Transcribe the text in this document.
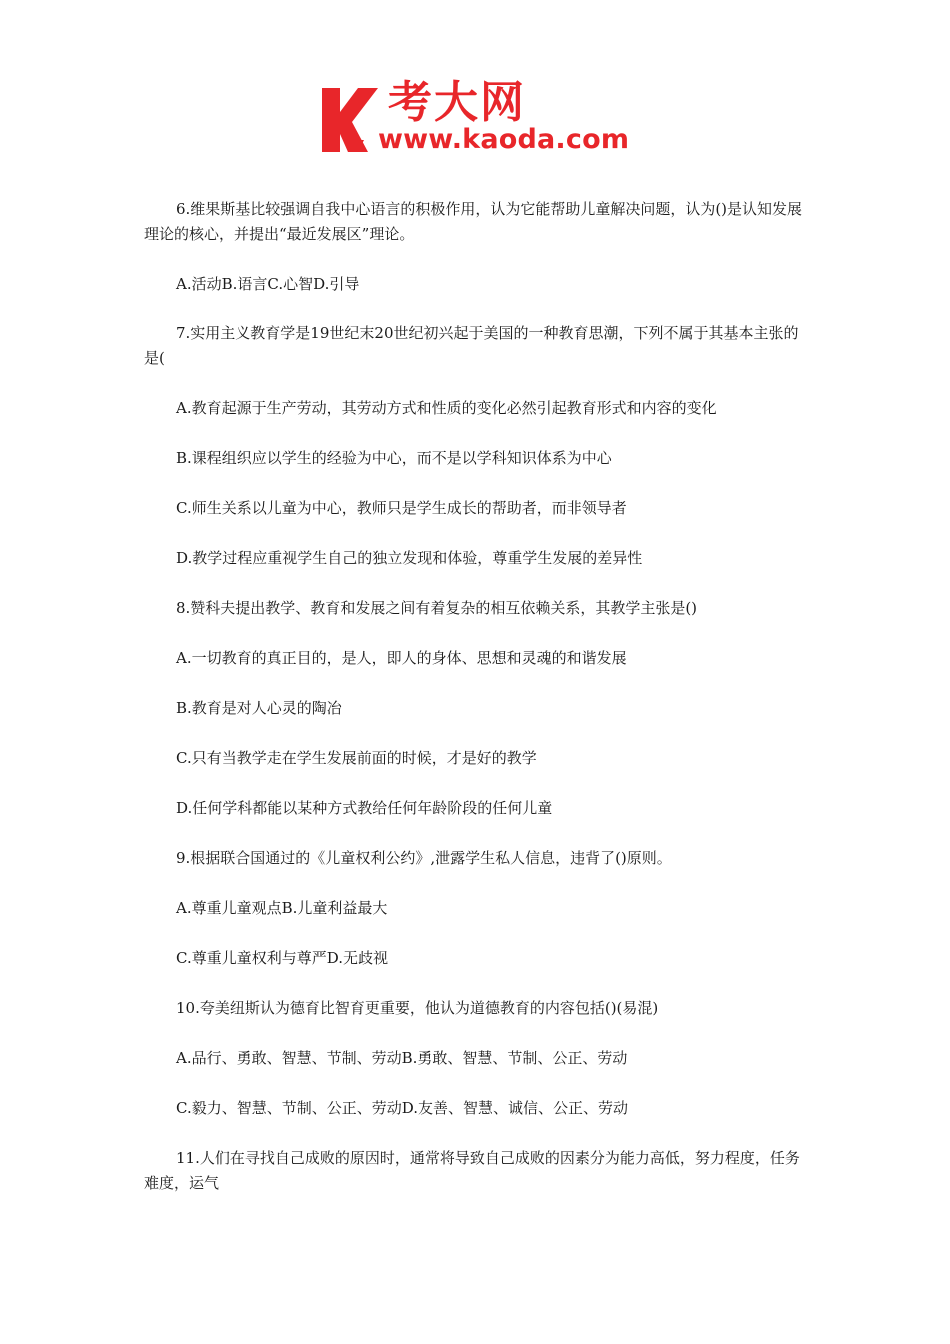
考大网
www.kaoda.com

6.维果斯基比较强调自我中心语言的积极作用，认为它能帮助儿童解决问题，认为()是认知发展理论的核心，并提出“最近发展区”理论。

A.活动B.语言C.心智D.引导

7.实用主义教育学是19世纪末20世纪初兴起于美国的一种教育思潮，下列不属于其基本主张的是(

A.教育起源于生产劳动，其劳动方式和性质的变化必然引起教育形式和内容的变化

B.课程组织应以学生的经验为中心，而不是以学科知识体系为中心

C.师生关系以儿童为中心，教师只是学生成长的帮助者，而非领导者

D.教学过程应重视学生自己的独立发现和体验，尊重学生发展的差异性

8.赞科夫提出教学、教育和发展之间有着复杂的相互依赖关系，其教学主张是()

A.一切教育的真正目的，是人，即人的身体、思想和灵魂的和谐发展

B.教育是对人心灵的陶冶

C.只有当教学走在学生发展前面的时候，才是好的教学

D.任何学科都能以某种方式教给任何年龄阶段的任何儿童

9.根据联合国通过的《儿童权利公约》,泄露学生私人信息，违背了()原则。

A.尊重儿童观点B.儿童利益最大

C.尊重儿童权利与尊严D.无歧视

10.夸美纽斯认为德育比智育更重要，他认为道德教育的内容包括()(易混)

A.品行、勇敢、智慧、节制、劳动B.勇敢、智慧、节制、公正、劳动

C.毅力、智慧、节制、公正、劳动D.友善、智慧、诚信、公正、劳动

11.人们在寻找自己成败的原因时，通常将导致自己成败的因素分为能力高低，努力程度，任务难度，运气
